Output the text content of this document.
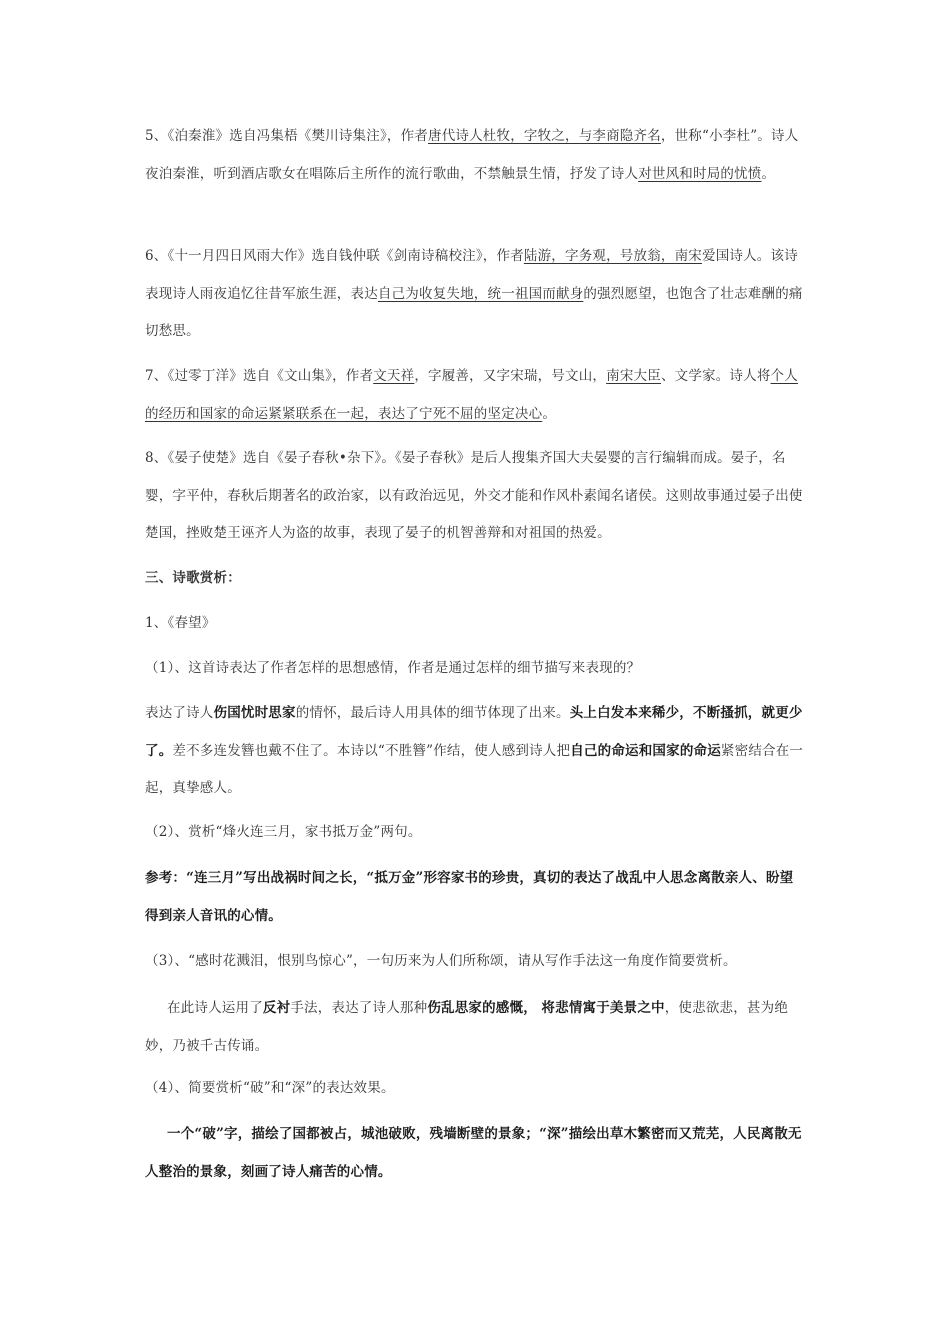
5、《泊秦淮》选自冯集梧《樊川诗集注》，作者唐代诗人杜牧，字牧之，与李商隐齐名，世称“小李杜”。诗人夜泊秦淮，听到酒店歌女在唱陈后主所作的流行歌曲，不禁触景生情，抒发了诗人对世风和时局的忧愤。

6、《十一月四日风雨大作》选自钱仲联《剑南诗稿校注》，作者陆游，字务观，号放翁，南宋爱国诗人。该诗表现诗人雨夜追忆往昔军旅生涯，表达自己为收复失地，统一祖国而献身的强烈愿望，也饱含了壮志难酬的痛切愁思。

7、《过零丁洋》选自《文山集》，作者文天祥，字履善，又字宋瑞，号文山，南宋大臣、文学家。诗人将个人的经历和国家的命运紧紧联系在一起，表达了宁死不屈的坚定决心。

8、《晏子使楚》选自《晏子春秋•杂下》。《晏子春秋》是后人搜集齐国大夫晏婴的言行编辑而成。晏子，名婴，字平仲，春秋后期著名的政治家，以有政治远见，外交才能和作风朴素闻名诸侯。这则故事通过晏子出使楚国，挫败楚王诬齐人为盗的故事，表现了晏子的机智善辩和对祖国的热爱。

三、诗歌赏析：

1、《春望》

（1）、这首诗表达了作者怎样的思想感情，作者是通过怎样的细节描写来表现的？

表达了诗人伤国忧时思家的情怀，最后诗人用具体的细节体现了出来。头上白发本来稀少，不断搔抓，就更少了。差不多连发簪也戴不住了。本诗以“不胜簪”作结，使人感到诗人把自己的命运和国家的命运紧密结合在一起，真挚感人。

（2）、赏析“烽火连三月，家书抵万金”两句。

参考：“连三月”写出战祸时间之长，“抵万金”形容家书的珍贵，真切的表达了战乱中人思念离散亲人、盼望得到亲人音讯的心情。

（3）、“感时花溅泪，恨别鸟惊心”，一句历来为人们所称颂，请从写作手法这一角度作简要赏析。

在此诗人运用了反衬手法，表达了诗人那种伤乱思家的感慨， 将悲情寓于美景之中，使悲欲悲，甚为绝妙，乃被千古传诵。

（4）、简要赏析“破”和“深”的表达效果。

一个“破”字，描绘了国都被占，城池破败，残墙断壁的景象；“深”描绘出草木繁密而又荒芜，人民离散无人整治的景象，刻画了诗人痛苦的心情。
